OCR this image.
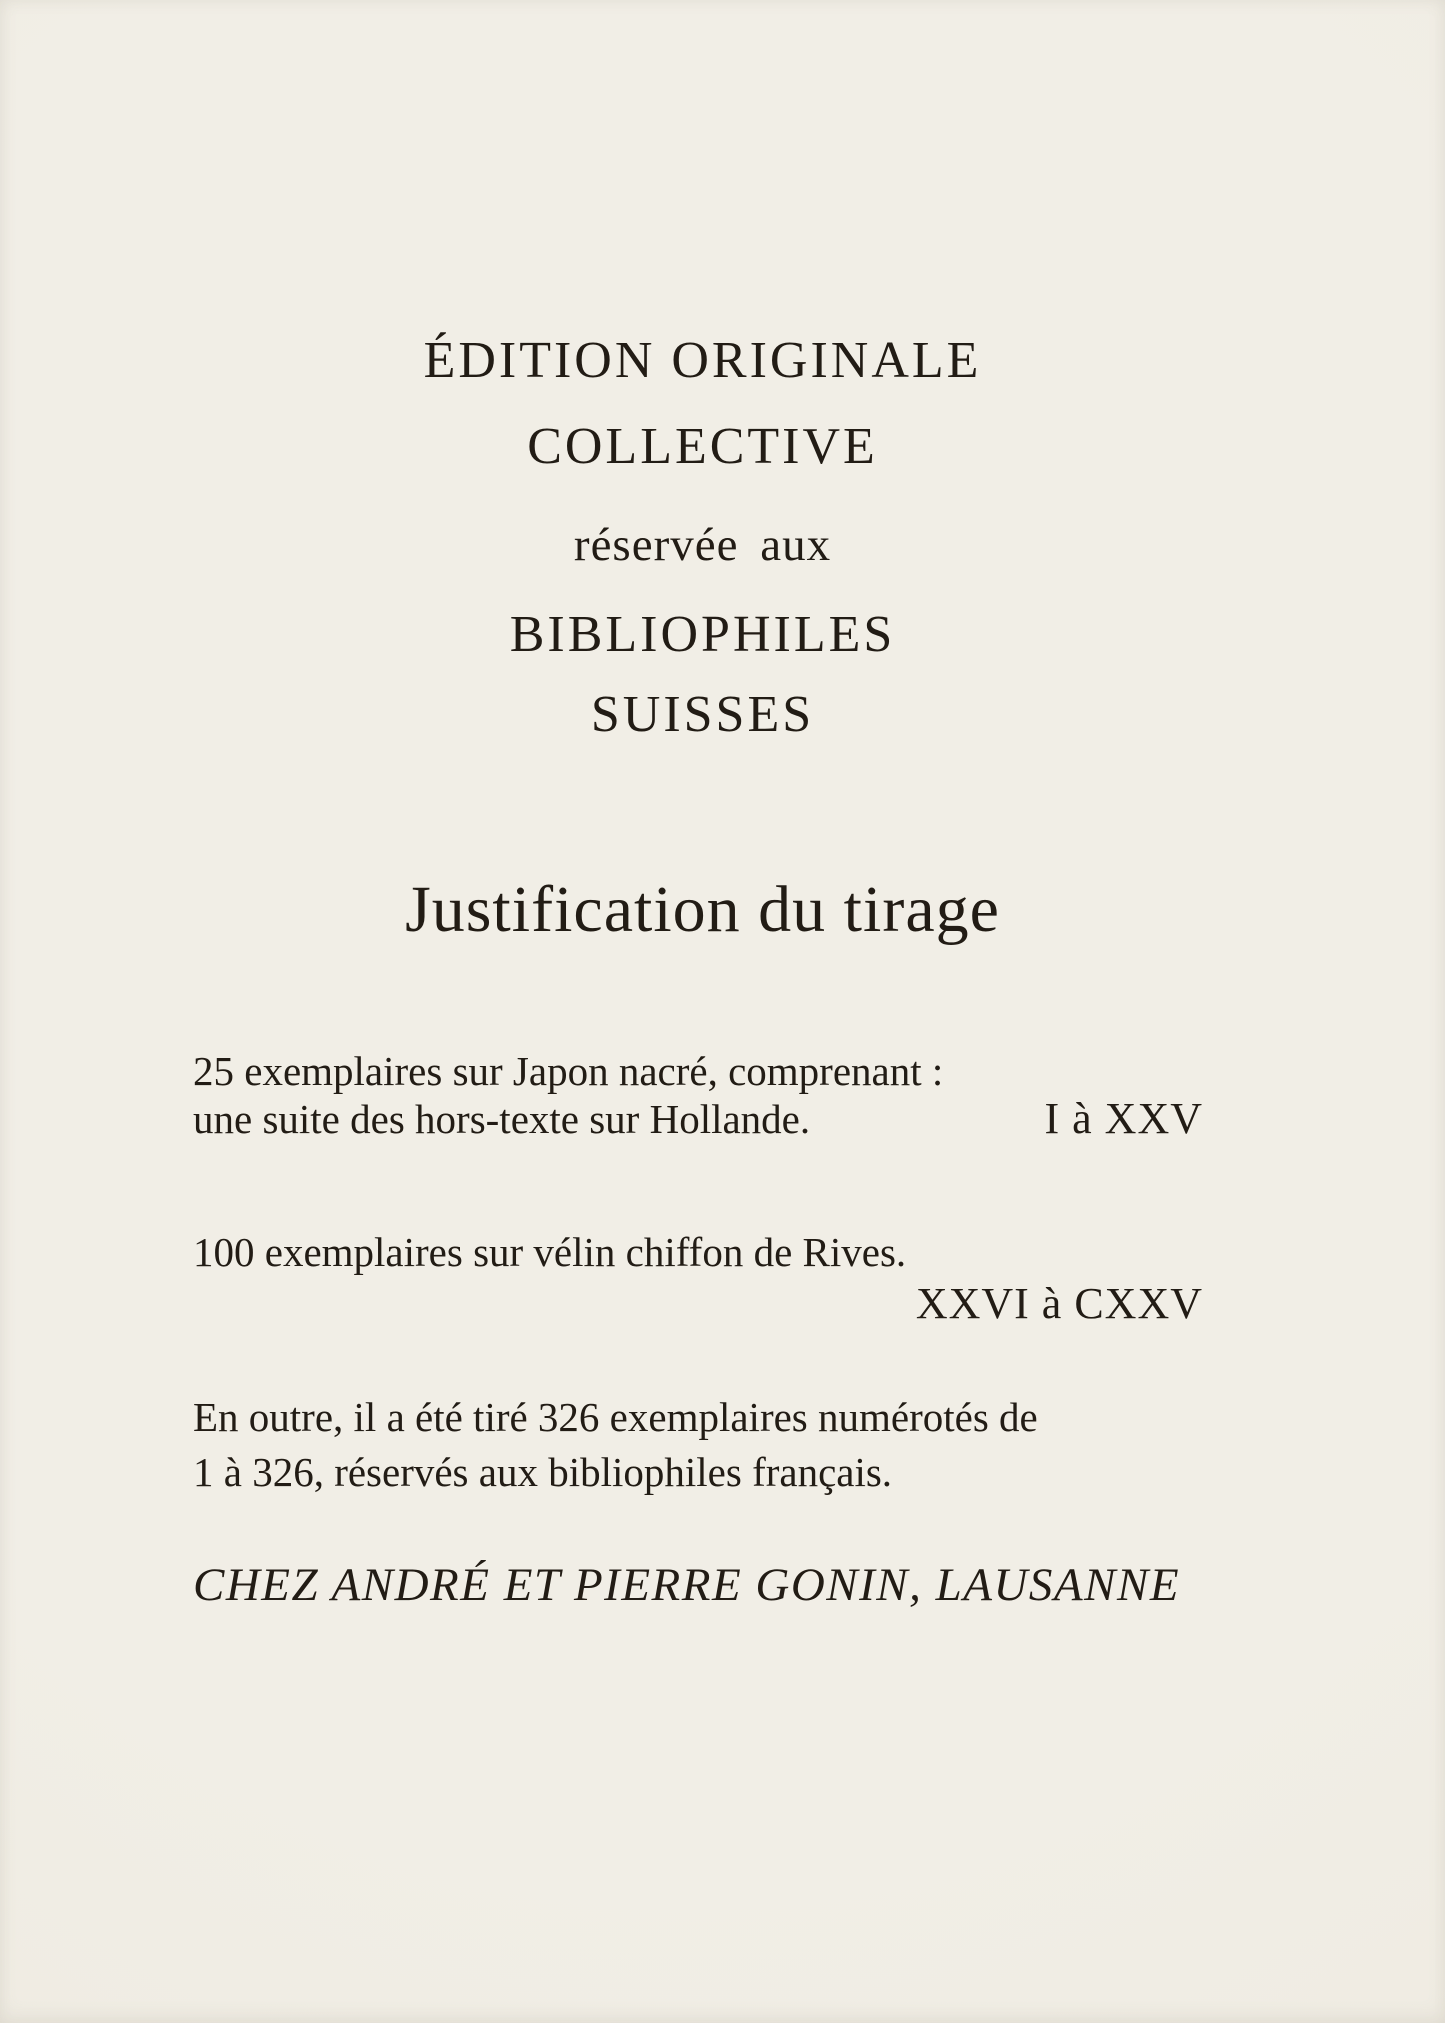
ÉDITION ORIGINALE
COLLECTIVE
réservée aux
BIBLIOPHILES
SUISSES
Justification du tirage
25 exemplaires sur Japon nacré, comprenant :
une suite des hors-texte sur Hollande.	I à XXV
100 exemplaires sur vélin chiffon de Rives.
XXVI à CXXV
En outre, il a été tiré 326 exemplaires numérotés de
1 à 326, réservés aux bibliophiles français.
CHEZ ANDRÉ ET PIERRE GONIN, LAUSANNE
